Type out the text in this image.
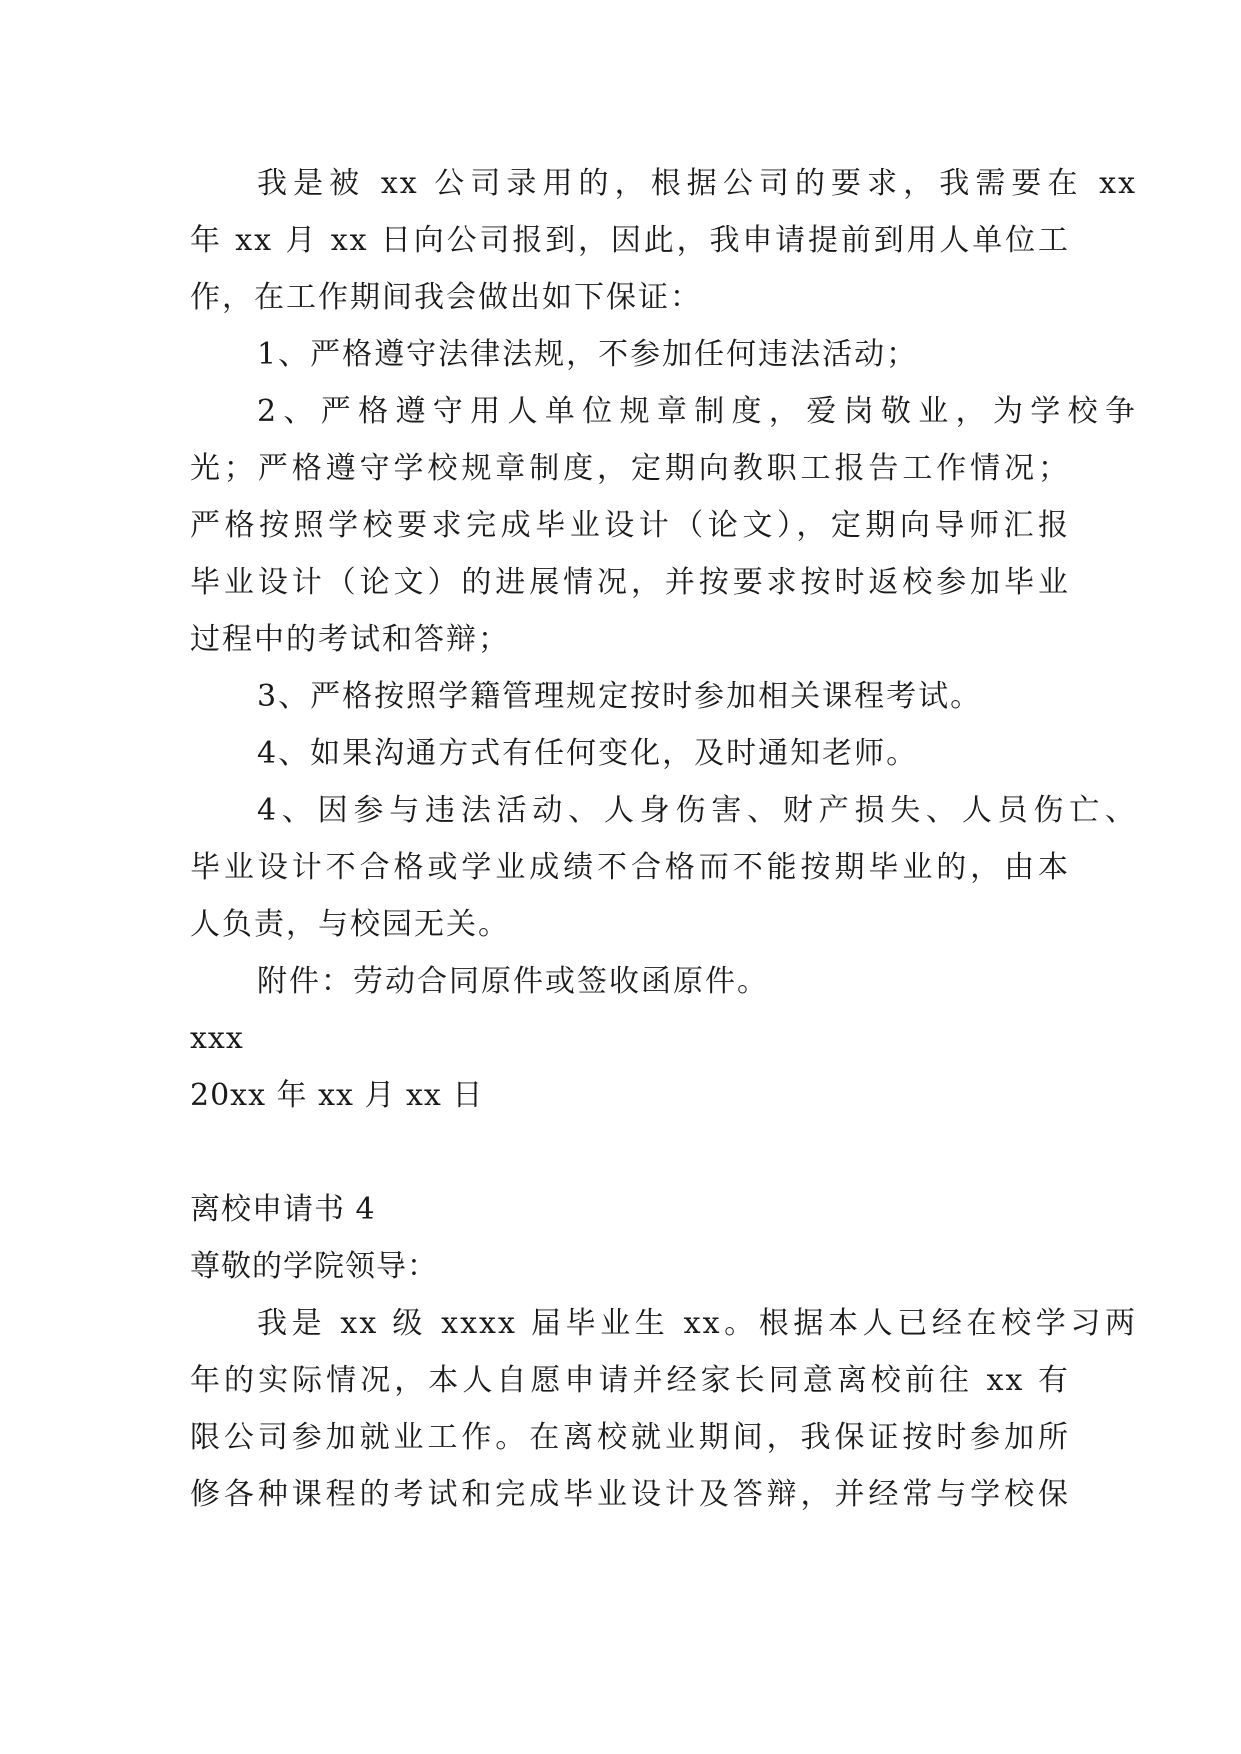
我是被 xx 公司录用的，根据公司的要求，我需要在 xx
年 xx 月 xx 日向公司报到，因此，我申请提前到用人单位工
作，在工作期间我会做出如下保证：
1、严格遵守法律法规，不参加任何违法活动；
2、严格遵守用人单位规章制度，爱岗敬业，为学校争
光；严格遵守学校规章制度，定期向教职工报告工作情况；
严格按照学校要求完成毕业设计（论文），定期向导师汇报
毕业设计（论文）的进展情况，并按要求按时返校参加毕业
过程中的考试和答辩；
3、严格按照学籍管理规定按时参加相关课程考试。
4、如果沟通方式有任何变化，及时通知老师。
4、因参与违法活动、人身伤害、财产损失、人员伤亡、
毕业设计不合格或学业成绩不合格而不能按期毕业的，由本
人负责，与校园无关。
附件：劳动合同原件或签收函原件。
xxx
20xx 年 xx 月 xx 日
离校申请书 4
尊敬的学院领导：
我是 xx 级 xxxx 届毕业生 xx。根据本人已经在校学习两
年的实际情况，本人自愿申请并经家长同意离校前往 xx 有
限公司参加就业工作。在离校就业期间，我保证按时参加所
修各种课程的考试和完成毕业设计及答辩，并经常与学校保
